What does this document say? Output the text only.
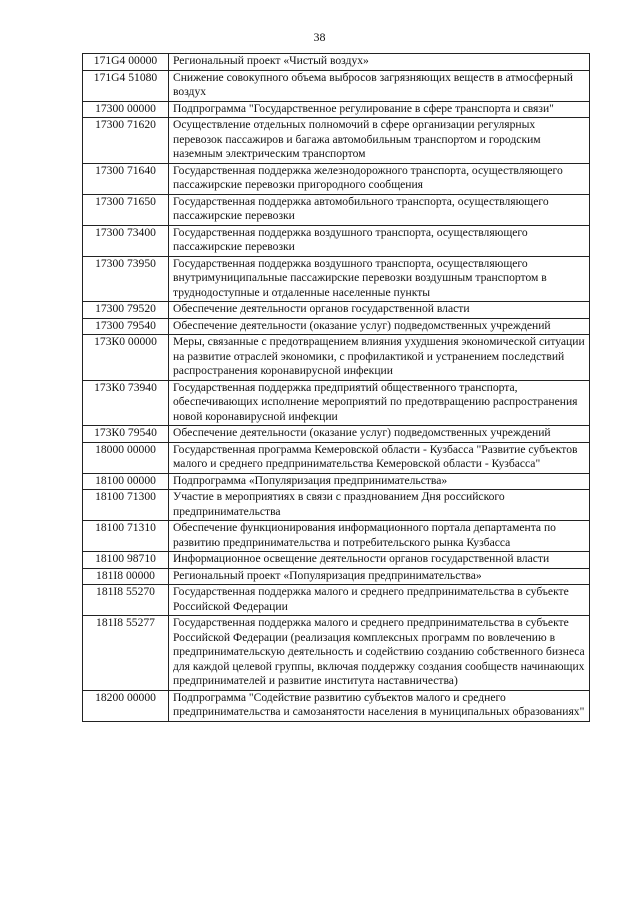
38
171G4 00000	Региональный проект «Чистый воздух»
171G4 51080	Снижение совокупного объема выбросов загрязняющих веществ в атмосферный воздух
17300 00000	Подпрограмма "Государственное регулирование в сфере транспорта и связи"
17300 71620	Осуществление отдельных полномочий в сфере организации регулярных перевозок пассажиров и багажа автомобильным транспортом и городским наземным электрическим транспортом
17300 71640	Государственная поддержка железнодорожного транспорта, осуществляющего пассажирские перевозки пригородного сообщения
17300 71650	Государственная поддержка автомобильного транспорта, осуществляющего пассажирские перевозки
17300 73400	Государственная поддержка воздушного транспорта, осуществляющего пассажирские перевозки
17300 73950	Государственная поддержка воздушного транспорта, осуществляющего внутримуниципальные пассажирские перевозки воздушным транспортом в труднодоступные и отдаленные населенные пункты
17300 79520	Обеспечение деятельности органов государственной власти
17300 79540	Обеспечение деятельности (оказание услуг) подведомственных учреждений
173К0 00000	Меры, связанные с предотвращением влияния ухудшения экономической ситуации на развитие отраслей экономики, с профилактикой и устранением последствий распространения коронавирусной инфекции
173К0 73940	Государственная поддержка предприятий общественного транспорта, обеспечивающих исполнение мероприятий по предотвращению распространения новой коронавирусной инфекции
173К0 79540	Обеспечение деятельности (оказание услуг) подведомственных учреждений
18000 00000	Государственная программа Кемеровской области - Кузбасса "Развитие субъектов малого и среднего предпринимательства Кемеровской области - Кузбасса"
18100 00000	Подпрограмма «Популяризация предпринимательства»
18100 71300	Участие в мероприятиях в связи с празднованием Дня российского предпринимательства
18100 71310	Обеспечение функционирования информационного портала департамента по развитию предпринимательства и потребительского рынка Кузбасса
18100 98710	Информационное освещение деятельности органов государственной власти
181I8 00000	Региональный проект «Популяризация предпринимательства»
181I8 55270	Государственная поддержка малого и среднего предпринимательства в субъекте Российской Федерации
181I8 55277	Государственная поддержка малого и среднего предпринимательства в субъекте Российской Федерации (реализация комплексных программ по вовлечению в предпринимательскую деятельность и содействию созданию собственного бизнеса для каждой целевой группы, включая поддержку создания сообществ начинающих предпринимателей и развитие института наставничества)
18200 00000	Подпрограмма "Содействие развитию субъектов малого и среднего предпринимательства и самозанятости населения в муниципальных образованиях"
